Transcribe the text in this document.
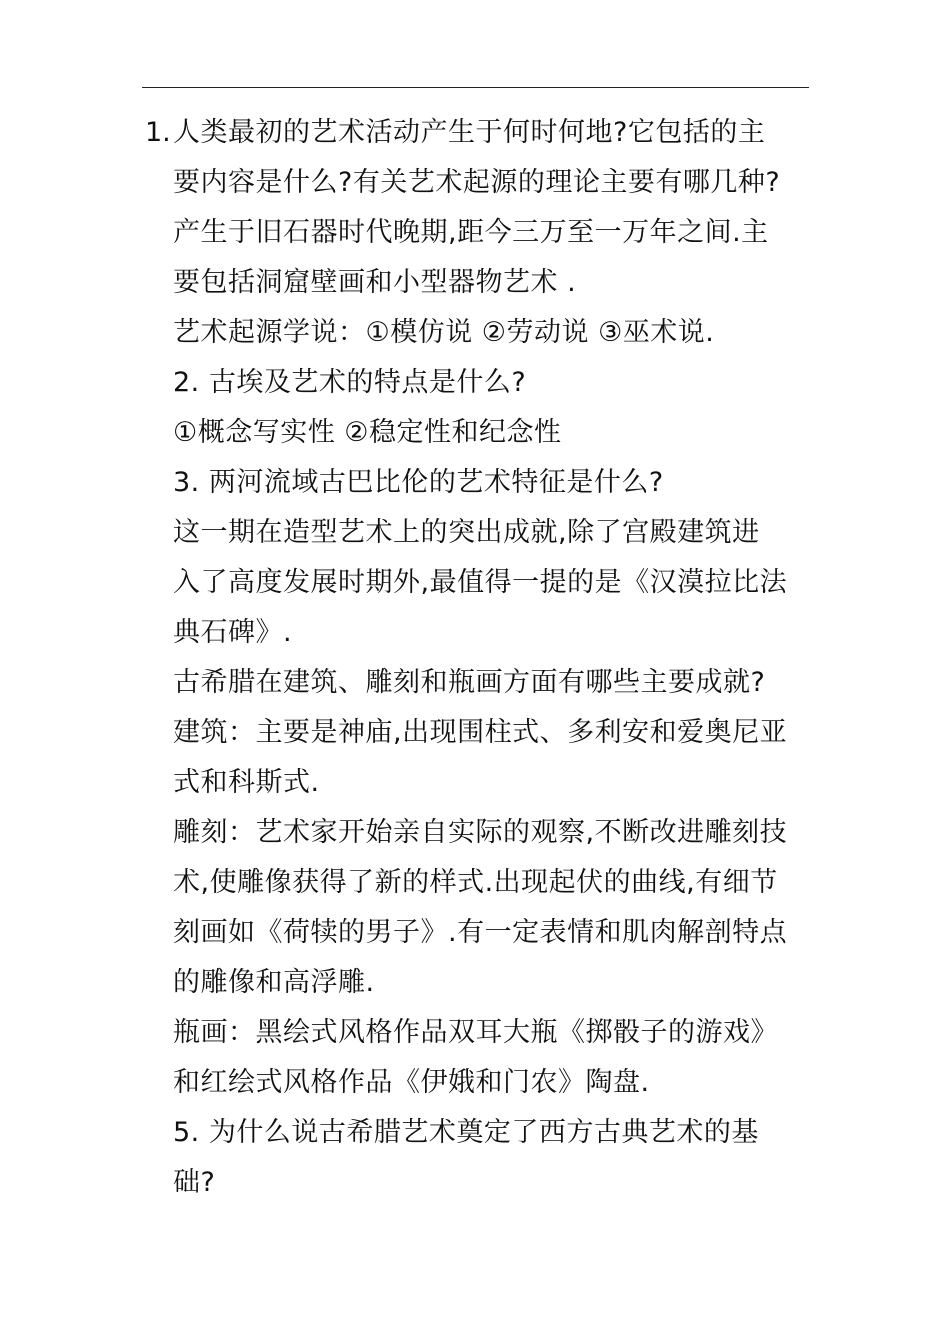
1. 人类最初的艺术活动产生于何时何地?它包括的主
要内容是什么?有关艺术起源的理论主要有哪几种?
产生于旧石器时代晚期,距今三万至一万年之间.主
要包括洞窟壁画和小型器物艺术 .
艺术起源学说：①模仿说 ②劳动说 ③巫术说.
2. 古埃及艺术的特点是什么?
①概念写实性 ②稳定性和纪念性
3. 两河流域古巴比伦的艺术特征是什么?
这一期在造型艺术上的突出成就,除了宫殿建筑进
入了高度发展时期外,最值得一提的是《汉漠拉比法
典石碑》.
古希腊在建筑、雕刻和瓶画方面有哪些主要成就?
建筑：主要是神庙,出现围柱式、多利安和爱奥尼亚
式和科斯式.
雕刻：艺术家开始亲自实际的观察,不断改进雕刻技
术,使雕像获得了新的样式.出现起伏的曲线,有细节
刻画如《荷犊的男子》.有一定表情和肌肉解剖特点
的雕像和高浮雕.
瓶画：黑绘式风格作品双耳大瓶《掷骰子的游戏》
和红绘式风格作品《伊娥和门农》陶盘.
5. 为什么说古希腊艺术奠定了西方古典艺术的基
础?
